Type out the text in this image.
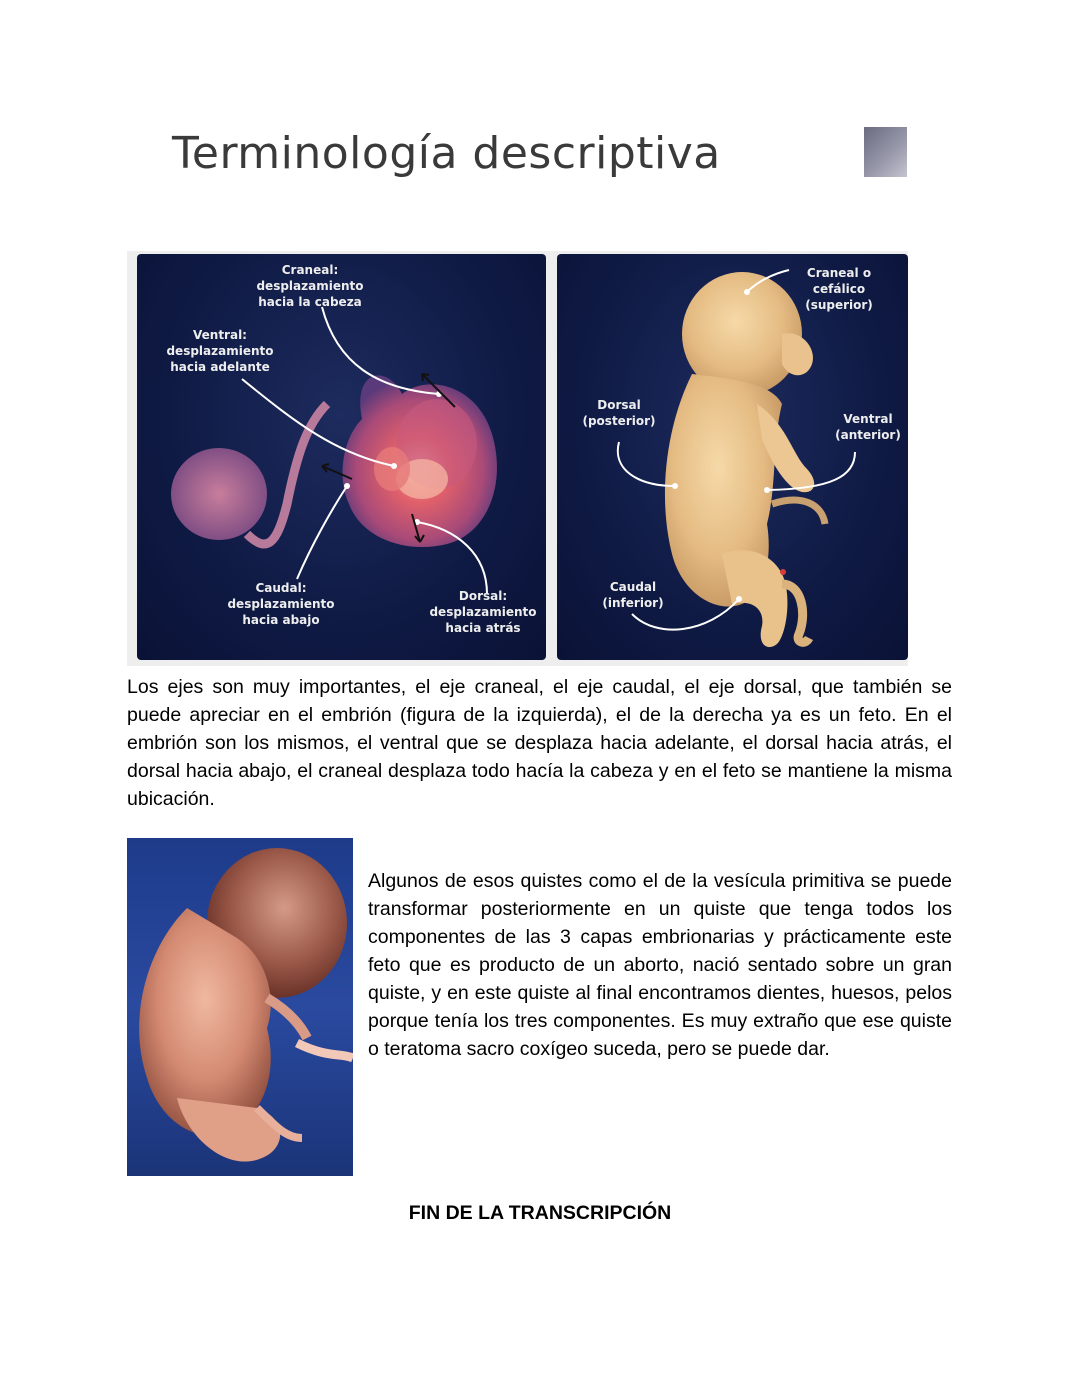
Terminología descriptiva
Craneal:
desplazamiento
hacia la cabeza
Ventral:
desplazamiento
hacia adelante
Caudal:
desplazamiento
hacia abajo
Dorsal:
desplazamiento
hacia atrás
Craneal o
cefálico
(superior)
Dorsal
(posterior)	Ventral
(anterior)
Caudal
(inferior)
Los ejes son muy importantes, el eje craneal, el eje caudal, el eje dorsal, que también se puede apreciar en el embrión (figura de la izquierda), el de la derecha ya es un feto. En el embrión son los mismos, el ventral que se desplaza hacia adelante, el dorsal hacia atrás, el dorsal hacia abajo, el craneal desplaza todo hacía la cabeza y en el feto se mantiene la misma ubicación.
Algunos de esos quistes como el de la vesícula primitiva se puede transformar posteriormente en un quiste que tenga todos los componentes de las 3 capas embrionarias y prácticamente este feto que es producto de un aborto, nació sentado sobre un gran quiste, y en este quiste al final encontramos dientes, huesos, pelos porque tenía los tres componentes. Es muy extraño que ese quiste o teratoma sacro coxígeo suceda, pero se puede dar.
FIN DE LA TRANSCRIPCIÓN
